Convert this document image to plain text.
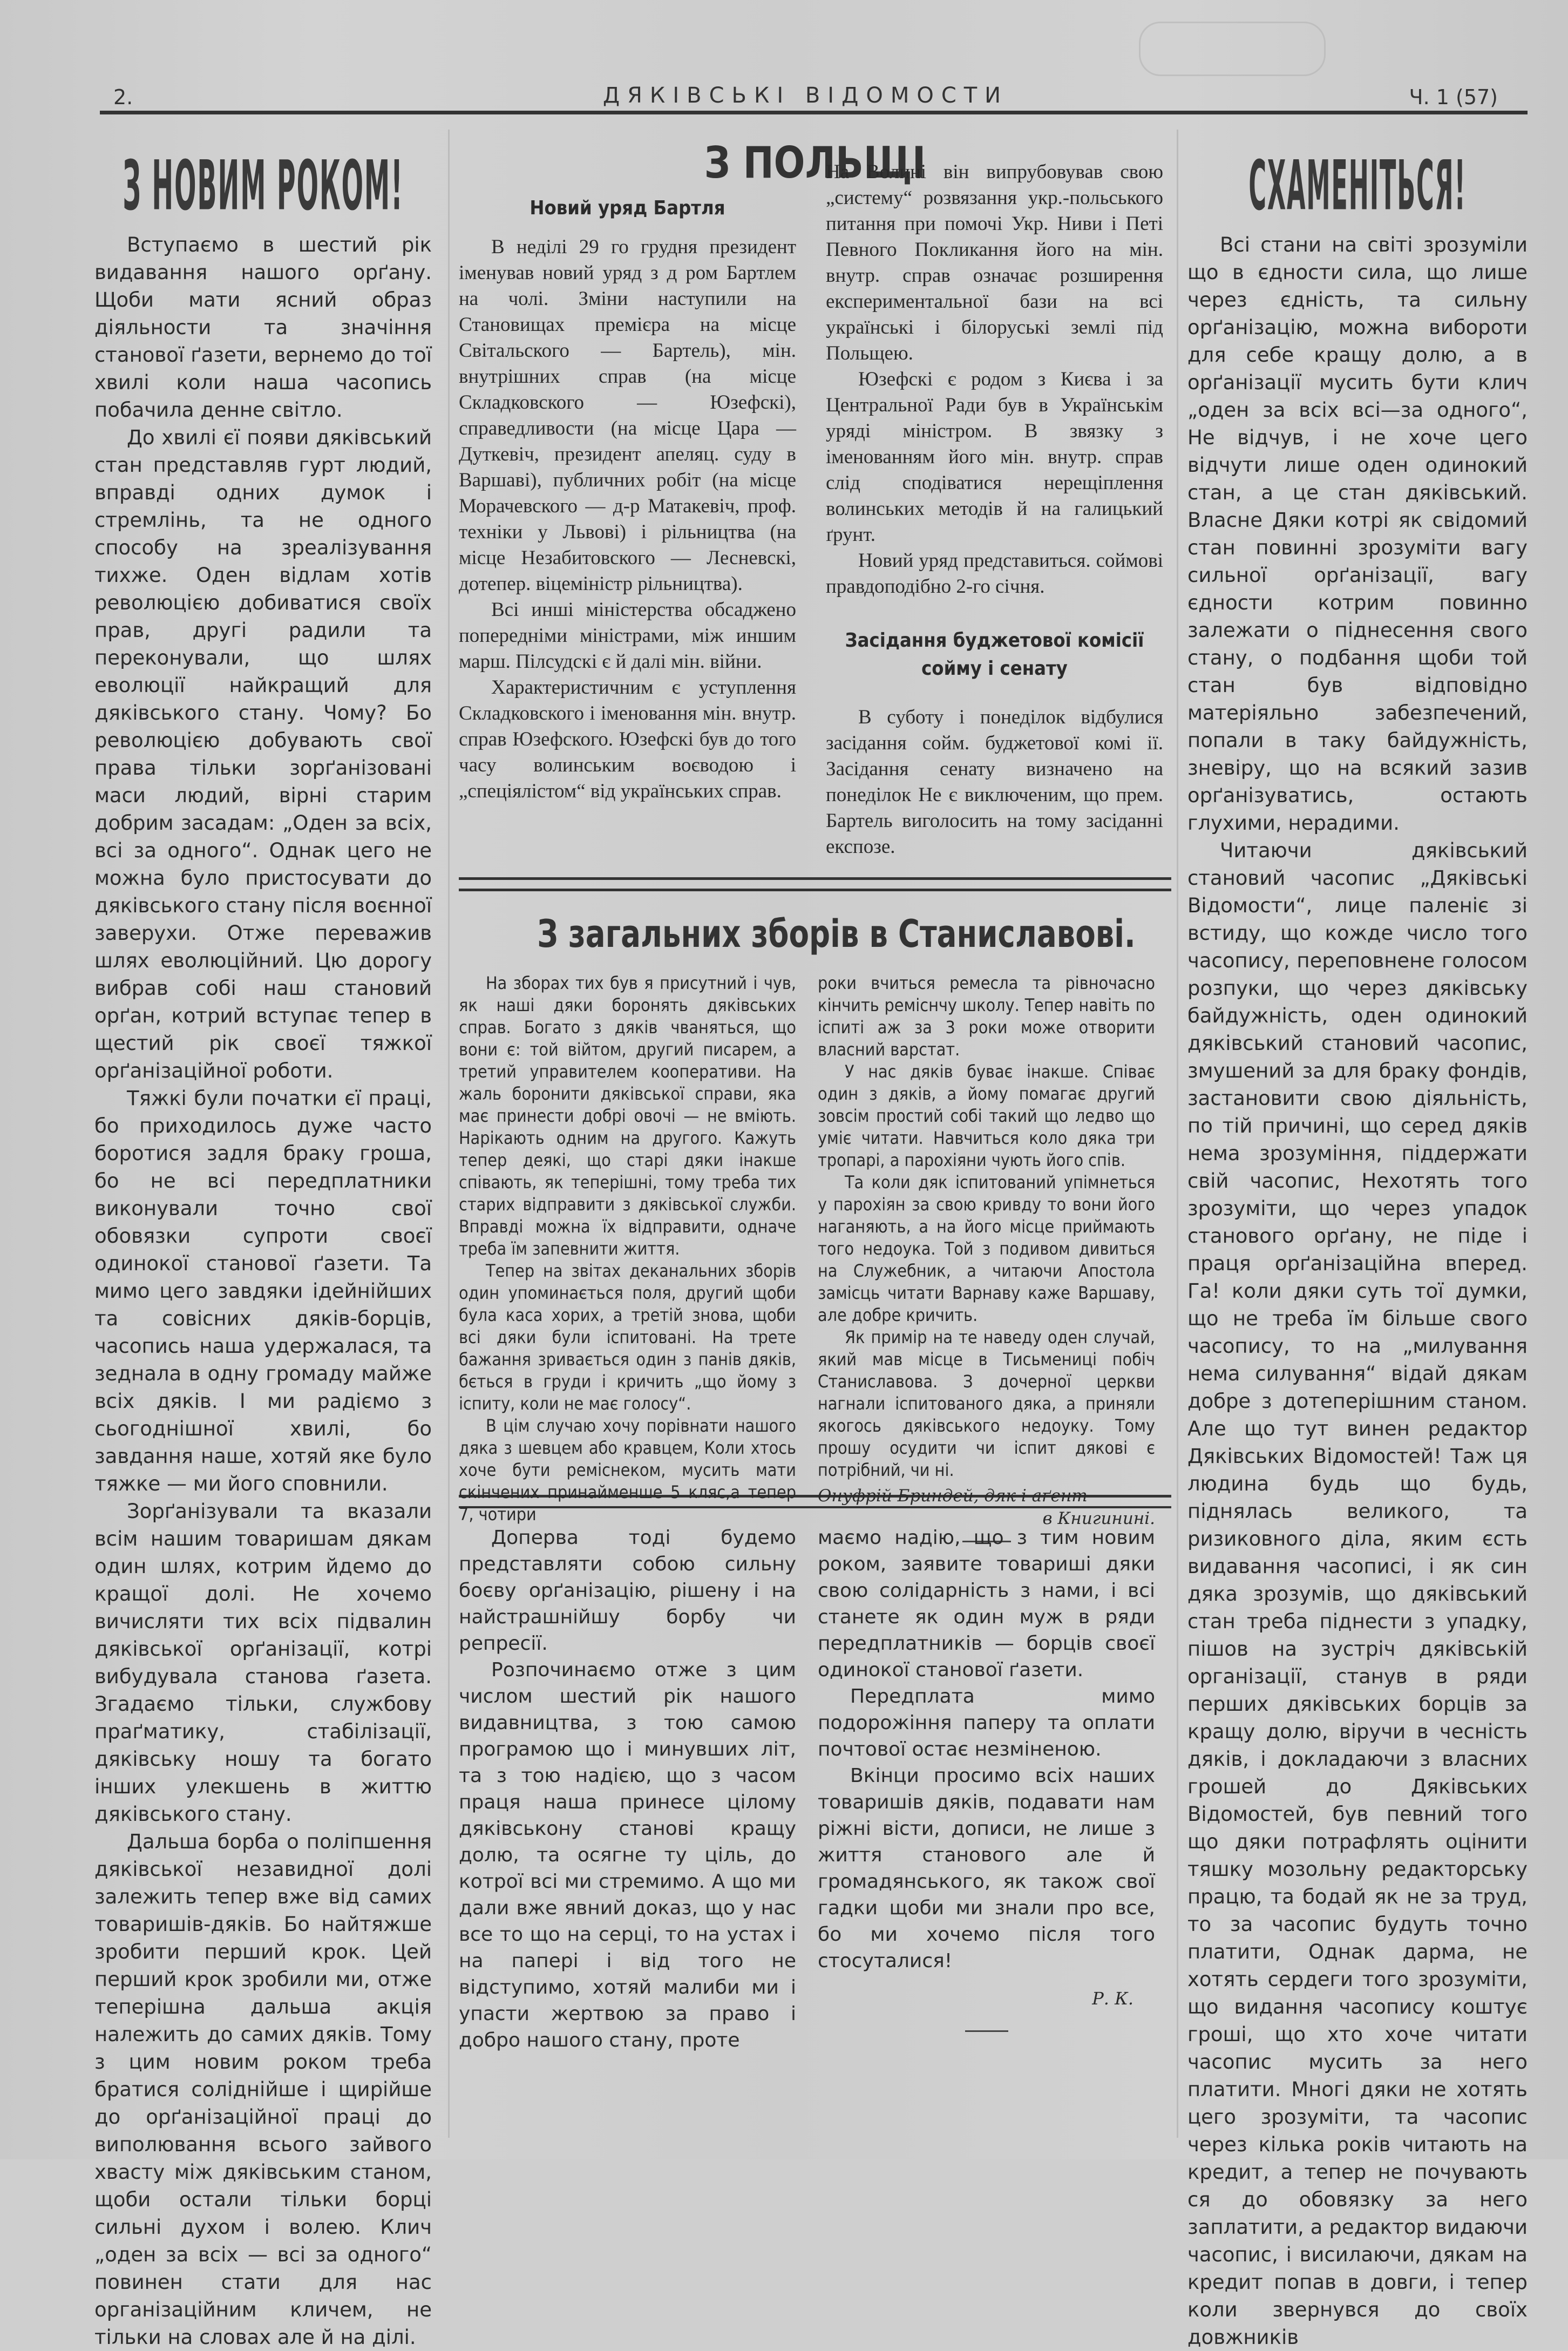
2.	ДЯКІВСЬКІ ВІДОМОСТИ	Ч. 1 (57)
З НОВИМ РОКОМ!

Вступаємо в шестий рік видавання нашого орґану. Щоби мати ясний образ діяльности та значіння станової ґазети, вернемо до тої хвилі коли наша часопись побачила денне світло.

До хвилі єї появи дяківський стан представляв гурт людий, вправді одних думок і стремлінь, та не одного способу на зреалізування тихже. Оден відлам хотів революцією добиватися своїх прав, другі радили та переконували, що шлях еволюції найкращий для дяківського стану. Чому? Бо революцією добувають свої права тільки зорґанізовані маси людий, вірні старим добрим засадам: „Оден за всіх, всі за одного“. Однак цего не можна було пристосувати до дяківського стану після воєнної заверухи. Отже переважив шлях еволюційний. Цю дорогу вибрав собі наш становий орґан, котрий вступає тепер в щестий рік своєї тяжкої орґанізаційної роботи.

Тяжкі були початки єї праці, бо приходилось дуже часто боротися задля браку гроша, бо не всі передплатники виконували точно свої обовязки супроти своєї одинокої станової ґазети. Та мимо цего завдяки ідейнійших та совісних дяків-борців, часопись наша удержалася, та зеднала в одну громаду майже всіх дяків. І ми радіємо з сьогоднішної хвилі, бо завдання наше, хотяй яке було тяжке — ми його сповнили.

Зорґанізували та вказали всім нашим товаришам дякам один шлях, котрим йдемо до кращої долі. Не хочемо вичисляти тих всіх підвалин дяківської орґанізації, котрі вибудувала станова ґазета. Згадаємо тільки, службову праґматику, стабілізації, дяківську ношу та богато інших улекшень в життю дяківського стану.

Дальша борба о поліпшення дяківської незавидної долі залежить тепер вже від самих товаришів-дяків. Бо найтяжше зробити перший крок. Цей перший крок зробили ми, отже теперішна дальша акція належить до самих дяків. Тому з цим новим роком треба братися соліднійше і щирійше до орґанізаційної праці до виполювання всього зайвого хвасту між дяківським станом, щоби остали тільки борці сильні духом і волею. Клич „оден за всіх — всі за одного“ повинен стати для нас організаційним кличем, не тільки на словах але й на ділі.

З ПОЛЬЩІ
Новий уряд Бартля

В неділі 29 го грудня президент іменував новий уряд з д ром Бартлем на чолі. Зміни наступили на Становищах премієра на місце Світальского — Бартель), мін. внутрішних справ (на місце Складковского — Юзефскі), справедливости (на місце Цара — Дуткевіч, президент апеляц. суду в Варшаві), публичних робіт (на місце Морачевского — д-р Матакевіч, проф. техніки у Львові) і рільництва (на місце Незабитовского — Лесневскі, дотепер. віцеміністр рільництва).

Всі инші міністерства обсаджено попередніми міністрами, між иншим марш. Пілсудскі є й далі мін. війни.

Характеристичним є уступлення Складковского і іменовання мін. внутр. справ Юзефского. Юзефскі був до того часу волинським воєводою і „спеціялістом“ від українських справ.

На Волині він випрубовував свою „систему“ розвязання укр.-польського питання при помочі Укр. Ниви і Петі Певного Покликання його на мін. внутр. справ означає розширення експериментальної бази на всі українські і білоруські землі під Польщею.

Юзефскі є родом з Києва і за Центральної Ради був в Українськім уряді міністром. В звязку з іменованням його мін. внутр. справ слід сподіватися нерещіплення волинських методів й на галицький ґрунт.

Новий уряд представиться. соймові правдоподібно 2-го січня.

Засідання буджетової комісії сойму і сенату

В суботу і понеділок відбулися засідання сойм. буджетової комі ії. Засідання сенату визначено на понеділок Не є виключеним, що прем. Бартель виголосить на тому засіданні експозе.

З загальних зборів в Станиславові.

На зборах тих був я присутний і чув, як наші дяки боронять дяківських справ. Богато з дяків чваняться, що вони є: той війтом, другий писарем, а третий управителем кооперативи. На жаль боронити дяківської справи, яка має принести добрі овочі — не вміють. Нарікають одним на другого. Кажуть тепер деякі, що старі дяки інакше співають, як теперішні, тому треба тих старих відправити з дяківської служби. Вправді можна їх відправити, одначе треба їм запевнити життя.

Тепер на звітах деканальних зборів один упоминається поля, другий щоби була каса хорих, а третій знова, щоби всі дяки були іспитовані. На трете бажання зривається один з панів дяків, бється в груди і кричить „що йому з іспиту, коли не має голосу“.

В цім случаю хочу порівнати нашого дяка з шевцем або кравцем, Коли хтось хоче бути реміснеком, мусить мати скінчених принайменше 5 кляс,а тепер 7, чотири

роки вчиться ремесла та рівночасно кінчить реміснчу школу. Тепер навіть по іспиті аж за 3 роки може отворити власний варстат.

У нас дяків буває інакше. Співає один з дяків, а йому помагає другий зовсім простий собі такий що ледво що уміє читати. Навчиться коло дяка три тропарі, а парохіяни чують його спів.

Та коли дяк іспитований упімнеться у парохіян за свою кривду то вони його наганяють, а на його місце приймають того недоука. Той з подивом дивиться на Служебник, а читаючи Апостола замісць читати Варнаву каже Варшаву, але добре кричить.

Як примір на те наведу оден случай, який мав місце в Тисьмениці побіч Станиславова. З дочерної церкви нагнали іспитованого дяка, а приняли якогось дяківського недоуку. Тому прошу осудити чи іспит дякові є потрібний, чи ні.

Онуфрій Бриндей, дяк і аґент
в Книгинині.

Доперва тоді будемо представляти собою сильну боєву орґанізацію, рішену і на найстрашнійшу борбу чи репресії.

Розпочинаємо отже з цим числом шестий рік нашого видавництва, з тою самою програмою що і минувших літ, та з тою надією, що з часом праця наша принесе цілому дяківськону станові кращу долю, та осягне ту ціль, до котрої всі ми стремимо. А що ми дали вже явний доказ, що у нас все то що на серці, то на устах і на папері і від того не відступимо, хотяй малиби ми і упасти жертвою за право і добро нашого стану, проте

маємо надію, що з тим новим роком, заявите товариші дяки свою солідарність з нами, і всі станете як один муж в ряди передплатників — борців своєї одинокої станової ґазети.

Передплата мимо подорожіння паперу та оплати почтової остає незміненою.

Вкінци просимо всіх наших товаришів дяків, подавати нам ріжні вісти, дописи, не лише з життя станового але й громадянського, як також свої гадки щоби ми знали про все, бо ми хочемо після того стосуталися!

Р. К.
СХАМЕНІТЬСЯ!

Всі стани на світі зрозуміли що в єдности сила, що лише через єдність, та сильну орґанізацію, можна вибороти для себе кращу долю, а в орґанізації мусить бути клич „оден за всіх всі—за одного“, Не відчув, і не хоче цего відчути лише оден одинокий стан, а це стан дяківський. Власне Дяки котрі як свідомий стан повинні зрозуміти вагу сильної орґанізації, вагу єдности котрим повинно залежати о піднесення свого стану, о подбання щоби той стан був відповідно матеріяльно забезпечений, попали в таку байдужність, зневіру, що на всякий зазив орґанізуватись, остають глухими, нерадими.

Читаючи дяківський становий часопис „Дяківські Відомости“, лице паленіє зі встиду, що кожде число того часопису, переповнене голосом розпуки, що через дяківську байдужність, оден одинокий дяківський становий часопис, змушений за для браку фондів, застановити свою діяльність, по тій причині, що серед дяків нема зрозуміння, піддержати свій часопис, Нехотять того зрозуміти, що через упадок станового орґану, не піде і праця орґанізаційна вперед. Га! коли дяки суть тої думки, що не треба їм більше свого часопису, то на „милування нема силування“ відай дякам добре з дотеперішним станом. Але що тут винен редактор Дяківських Відомостей! Таж ця людина будь що будь, піднялась великого, та ризиковного діла, яким єсть видавання часописі, і як син дяка зрозумів, що дяківський стан треба піднести з упадку, пішов на зустріч дяківській організації, станув в ряди перших дяківських борців за кращу долю, віручи в чесність дяків, і докладаючи з власних грошей до Дяківських Відомостей, був певний того що дяки потрафлять оцінити тяшку мозольну редакторську працю, та бодай як не за труд, то за часопис будуть точно платити, Однак дарма, не хотять сердеги того зрозуміти, що видання часопису коштує гроші, що хто хоче читати часопис мусить за него платити. Многі дяки не хотять цего зрозуміти, та часопис через кілька років читають на кредит, а тепер не почувають ся до обовязку за него заплатити, а редактор видаючи часопис, і висилаючи, дякам на кредит попав в довги, і тепер коли звернувся до своїх довжників
